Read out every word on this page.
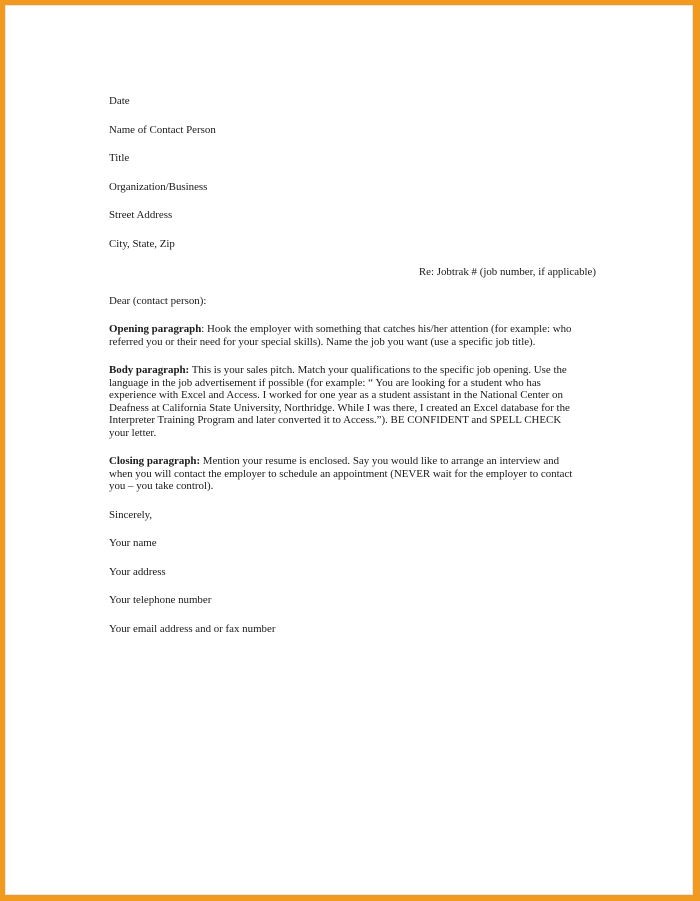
Date

Name of Contact Person

Title

Organization/Business

Street Address

City, State, Zip

Re: Jobtrak # (job number, if applicable)

Dear (contact person):

Opening paragraph: Hook the employer with something that catches his/her attention (for example: who
referred you or their need for your special skills). Name the job you want (use a specific job title).
Body paragraph: This is your sales pitch. Match your qualifications to the specific job opening. Use the
language in the job advertisement if possible (for example: “ You are looking for a student who has
experience with Excel and Access. I worked for one year as a student assistant in the National Center on
Deafness at California State University, Northridge. While I was there, I created an Excel database for the
Interpreter Training Program and later converted it to Access.”). BE CONFIDENT and SPELL CHECK
your letter.
Closing paragraph: Mention your resume is enclosed. Say you would like to arrange an interview and
when you will contact the employer to schedule an appointment (NEVER wait for the employer to contact
you – you take control).

Sincerely,

Your name

Your address

Your telephone number

Your email address and or fax number
